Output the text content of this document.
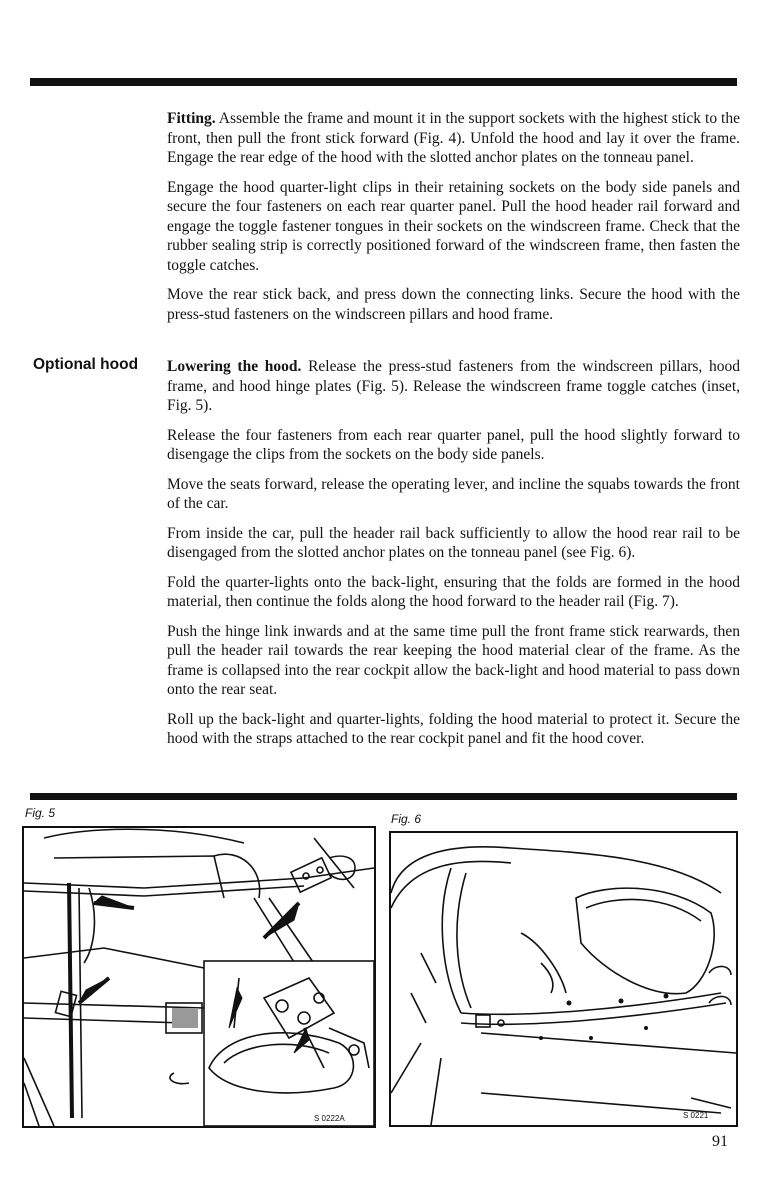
Fitting. Assemble the frame and mount it in the support sockets with the highest stick to the front, then pull the front stick forward (Fig. 4). Unfold the hood and lay it over the frame. Engage the rear edge of the hood with the slotted anchor plates on the tonneau panel.

Engage the hood quarter-light clips in their retaining sockets on the body side panels and secure the four fasteners on each rear quarter panel. Pull the hood header rail forward and engage the toggle fastener tongues in their sockets on the windscreen frame. Check that the rubber sealing strip is correctly positioned forward of the windscreen frame, then fasten the toggle catches.

Move the rear stick back, and press down the connecting links. Secure the hood with the press-stud fasteners on the windscreen pillars and hood frame.

Optional hood Lowering the hood. Release the press-stud fasteners from the windscreen pillars, hood frame, and hood hinge plates (Fig. 5). Release the windscreen frame toggle catches (inset, Fig. 5).

Release the four fasteners from each rear quarter panel, pull the hood slightly forward to disengage the clips from the sockets on the body side panels.

Move the seats forward, release the operating lever, and incline the squabs towards the front of the car.

From inside the car, pull the header rail back sufficiently to allow the hood rear rail to be disengaged from the slotted anchor plates on the tonneau panel (see Fig. 6).

Fold the quarter-lights onto the back-light, ensuring that the folds are formed in the hood material, then continue the folds along the hood forward to the header rail (Fig. 7).

Push the hinge link inwards and at the same time pull the front frame stick rearwards, then pull the header rail towards the rear keeping the hood material clear of the frame. As the frame is collapsed into the rear cockpit allow the back-light and hood material to pass down onto the rear seat.

Roll up the back-light and quarter-lights, folding the hood material to protect it. Secure the hood with the straps attached to the rear cockpit panel and fit the hood cover.

Fig. 5	Fig. 6
S 0222A	S 0221
91
